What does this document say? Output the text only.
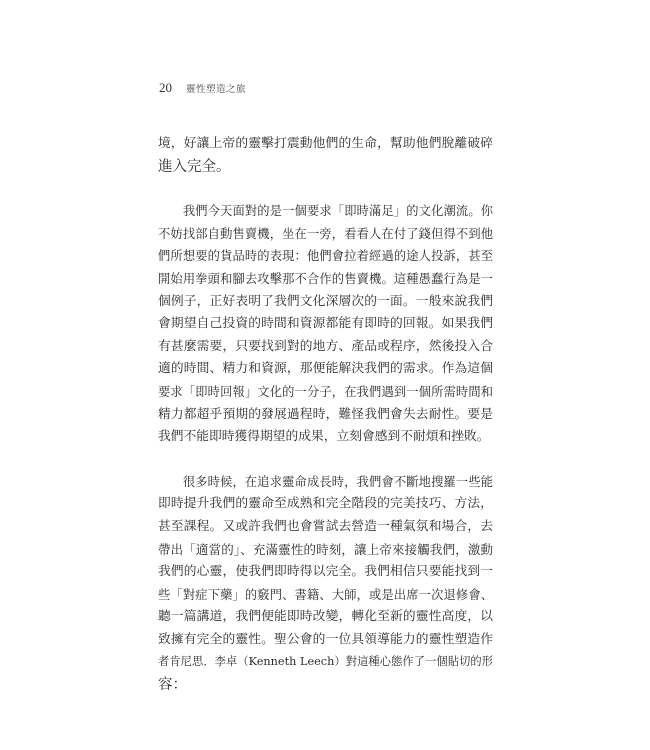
20 靈性塑造之旅
境，好讓上帝的靈擊打震動他們的生命，幫助他們脫離破碎
進入完全。
　　我們今天面對的是一個要求「即時滿足」的文化潮流。你
不妨找部自動售賣機，坐在一旁，看看人在付了錢但得不到他
們所想要的貨品時的表現：他們會拉着經過的途人投訴，甚至
開始用拳頭和腳去攻擊那不合作的售賣機。這種愚蠢行為是一
個例子，正好表明了我們文化深層次的一面。一般來說我們
會期望自己投資的時間和資源都能有即時的回報。如果我們
有甚麼需要，只要找到對的地方、產品或程序，然後投入合
適的時間、精力和資源，那便能解決我們的需求。作為這個
要求「即時回報」文化的一分子，在我們遇到一個所需時間和
精力都超乎預期的發展過程時，難怪我們會失去耐性。要是
我們不能即時獲得期望的成果，立刻會感到不耐煩和挫敗。
　　很多時候，在追求靈命成長時，我們會不斷地搜羅一些能
即時提升我們的靈命至成熟和完全階段的完美技巧、方法，
甚至課程。又或許我們也會嘗試去營造一種氣氛和場合，去
帶出「適當的」、充滿靈性的時刻，讓上帝來接觸我們，激動
我們的心靈，使我們即時得以完全。我們相信只要能找到一
些「對症下藥」的竅門、書籍、大師，或是出席一次退修會、
聽一篇講道，我們便能即時改變，轉化至新的靈性高度，以
致擁有完全的靈性。聖公會的一位具領導能力的靈性塑造作
者肯尼思．李卓（Kenneth Leech）對這種心態作了一個貼切的形
容：
